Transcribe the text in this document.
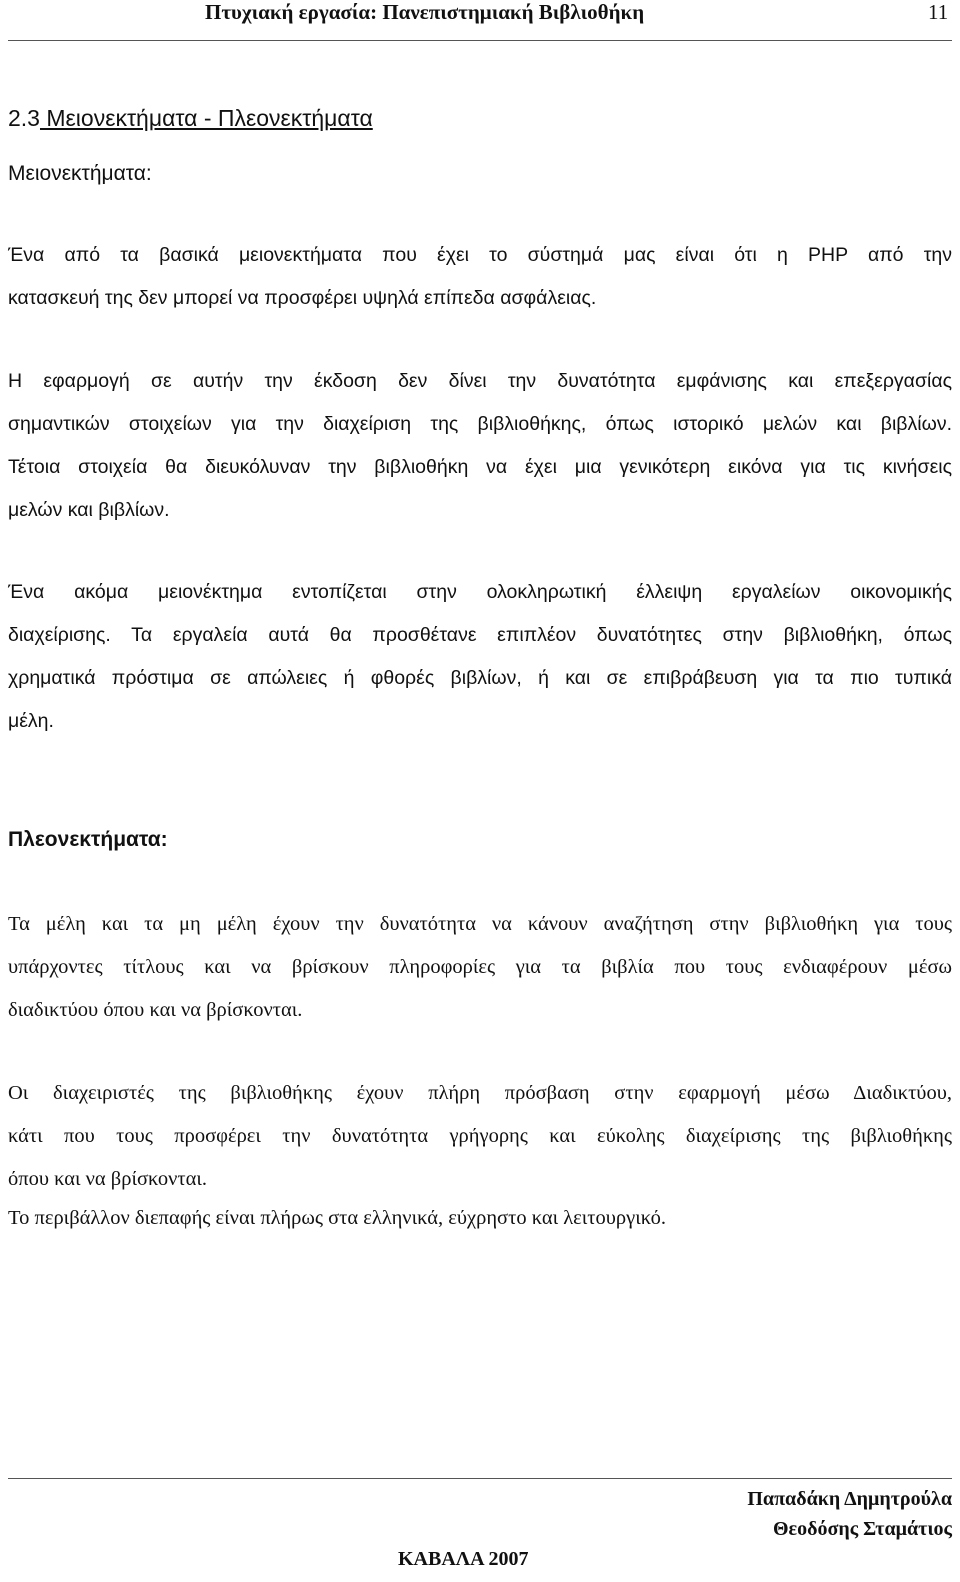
Πτυχιακή εργασία: Πανεπιστημιακή Βιβλιοθήκη	11
2.3 Μειονεκτήματα - Πλεονεκτήματα
Μειονεκτήματα:
Ένα από τα βασικά μειονεκτήματα που έχει το σύστημά μας είναι ότι η PHP από την
κατασκευή της δεν μπορεί να προσφέρει υψηλά επίπεδα ασφάλειας.
Η εφαρμογή σε αυτήν την έκδοση δεν δίνει την δυνατότητα εμφάνισης και επεξεργασίας
σημαντικών στοιχείων για την διαχείριση της βιβλιοθήκης, όπως ιστορικό μελών και βιβλίων.
Τέτοια στοιχεία θα διευκόλυναν την βιβλιοθήκη να έχει μια γενικότερη εικόνα για τις κινήσεις
μελών και βιβλίων.
Ένα ακόμα μειονέκτημα εντοπίζεται στην ολοκληρωτική έλλειψη εργαλείων οικονομικής
διαχείρισης. Τα εργαλεία αυτά θα προσθέτανε επιπλέον δυνατότητες στην βιβλιοθήκη, όπως
χρηματικά πρόστιμα σε απώλειες ή φθορές βιβλίων, ή και σε επιβράβευση για τα πιο τυπικά
μέλη.
Πλεονεκτήματα:
Τα μέλη και τα μη μέλη έχουν την δυνατότητα να κάνουν αναζήτηση στην βιβλιοθήκη για τους
υπάρχοντες τίτλους και να βρίσκουν πληροφορίες για τα βιβλία που τους ενδιαφέρουν μέσω
διαδικτύου όπου και να βρίσκονται.
Οι διαχειριστές της βιβλιοθήκης έχουν πλήρη πρόσβαση στην εφαρμογή μέσω Διαδικτύου,
κάτι που τους προσφέρει την δυνατότητα γρήγορης και εύκολης διαχείρισης της βιβλιοθήκης
όπου και να βρίσκονται.
Το περιβάλλον διεπαφής είναι πλήρως στα ελληνικά, εύχρηστο και λειτουργικό.
Παπαδάκη Δημητρούλα
Θεοδόσης Σταμάτιος
ΚΑΒΑΛΑ 2007
